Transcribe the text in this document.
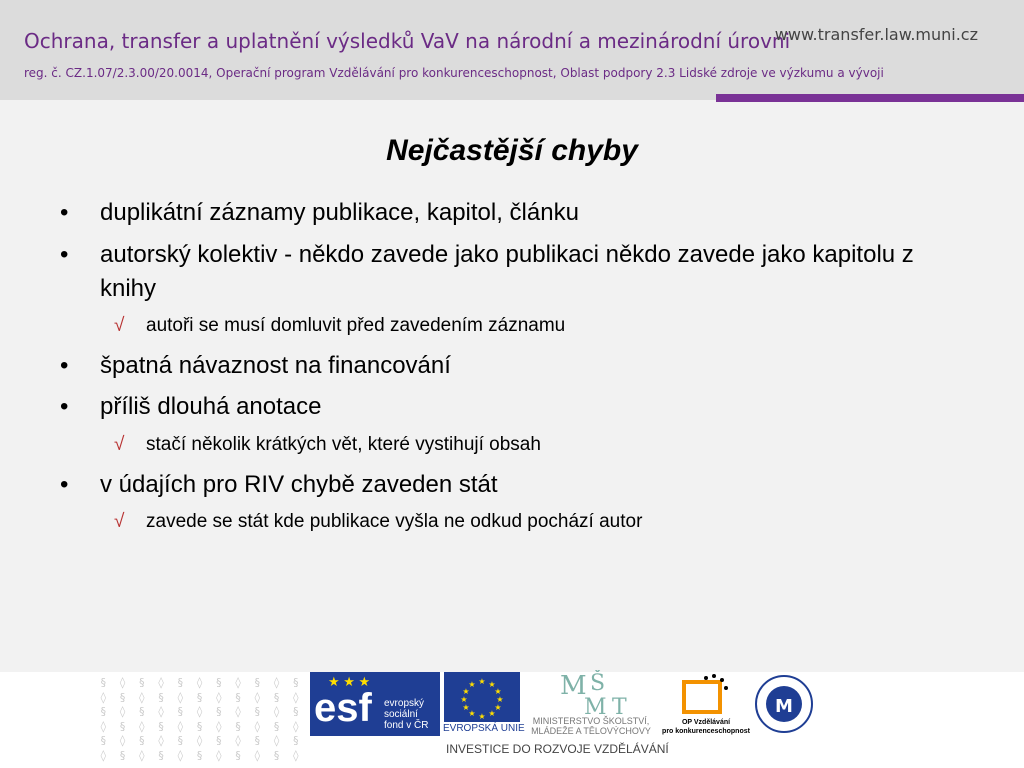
Ochrana, transfer a uplatnění výsledků VaV na národní a mezinárodní úrovni
www.transfer.law.muni.cz
reg. č. CZ.1.07/2.3.00/20.0014, Operační program Vzdělávání pro konkurenceschopnost, Oblast podpory 2.3 Lidské zdroje ve výzkumu a vývoji
Nejčastější chyby
• duplikátní záznamy publikace, kapitol, článku
• autorský kolektiv - někdo zavede jako publikaci někdo zavede jako kapitolu z knihy
√ autoři se musí domluvit před zavedením záznamu
• špatná návaznost na financování
• příliš dlouhá anotace
√ stačí několik krátkých vět, které vystihují obsah
• v údajích pro RIV chybě zaveden stát
√ zavede se stát kde publikace vyšla ne odkud pochází autor
§ ◊ § ◊ § ◊ § ◊ §
◊ § ◊ § ◊ § ◊ § ◊
§ ◊ § ◊ § ◊ § ◊ §
◊ § ◊ § ◊ § ◊ § ◊
§ ◊ § ◊ § ◊ § ◊ §
◊ § ◊ § ◊ § ◊ § ◊
★ ★ ★
esf evropský
sociální
fond v ČR
★ ★
★
★
★
★
★
★
★
★
★
★
EVROPSKÁ UNIE
M Š
M T
MINISTERSTVO ŠKOLSTVÍ,
MLÁDEŽE A TĚLOVÝCHOVY
OP Vzdělávání
pro konkurenceschopnost
M
INVESTICE DO ROZVOJE VZDĚLÁVÁNÍ
